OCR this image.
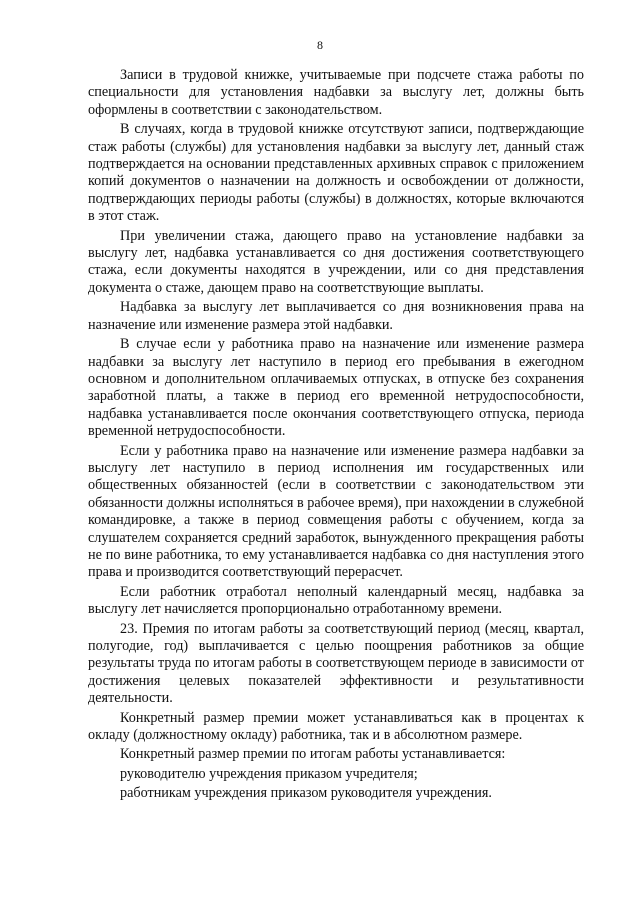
8

Записи в трудовой книжке, учитываемые при подсчете стажа работы по специальности для установления надбавки за выслугу лет, должны быть оформлены в соответствии с законодательством.

В случаях, когда в трудовой книжке отсутствуют записи, подтверждающие стаж работы (службы) для установления надбавки за выслугу лет, данный стаж подтверждается на основании представленных архивных справок с приложением копий документов о назначении на должность и освобождении от должности, подтверждающих периоды работы (службы) в должностях, которые включаются в этот стаж.

При увеличении стажа, дающего право на установление надбавки за выслугу лет, надбавка устанавливается со дня достижения соответствующего стажа, если документы находятся в учреждении, или со дня представления документа о стаже, дающем право на соответствующие выплаты.

Надбавка за выслугу лет выплачивается со дня возникновения права на назначение или изменение размера этой надбавки.

В случае если у работника право на назначение или изменение размера надбавки за выслугу лет наступило в период его пребывания в ежегодном основном и дополнительном оплачиваемых отпусках, в отпуске без сохранения заработной платы, а также в период его временной нетрудоспособности, надбавка устанавливается после окончания соответствующего отпуска, периода временной нетрудоспособности.

Если у работника право на назначение или изменение размера надбавки за выслугу лет наступило в период исполнения им государственных или общественных обязанностей (если в соответствии с законодательством эти обязанности должны исполняться в рабочее время), при нахождении в служебной командировке, а также в период совмещения работы с обучением, когда за слушателем сохраняется средний заработок, вынужденного прекращения работы не по вине работника, то ему устанавливается надбавка со дня наступления этого права и производится соответствующий перерасчет.

Если работник отработал неполный календарный месяц, надбавка за выслугу лет начисляется пропорционально отработанному времени.

23. Премия по итогам работы за соответствующий период (месяц, квартал, полугодие, год) выплачивается с целью поощрения работников за общие результаты труда по итогам работы в соответствующем периоде в зависимости от достижения целевых показателей эффективности и результативности деятельности.

Конкретный размер премии может устанавливаться как в процентах к окладу (должностному окладу) работника, так и в абсолютном размере.

Конкретный размер премии по итогам работы устанавливается:

руководителю учреждения приказом учредителя;

работникам учреждения приказом руководителя учреждения.
